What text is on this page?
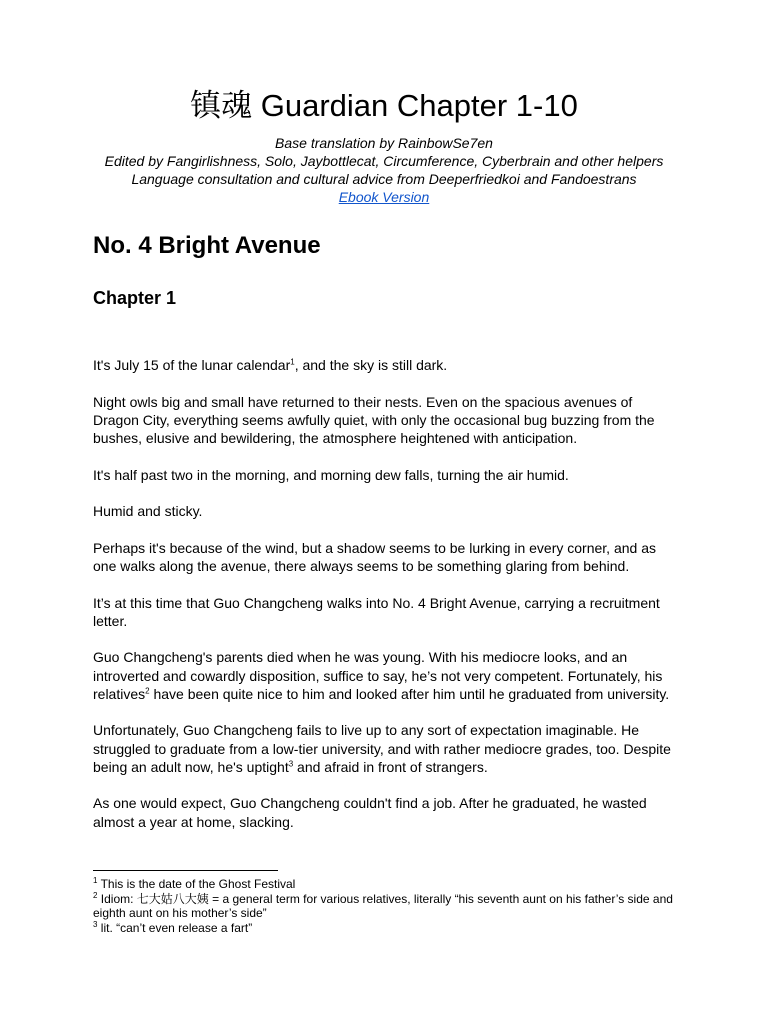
镇魂 Guardian Chapter 1-10
Base translation by RainbowSe7en
Edited by Fangirlishness, Solo, Jaybottlecat, Circumference, Cyberbrain and other helpers
Language consultation and cultural advice from Deeperfriedkoi and Fandoestrans
Ebook Version
No. 4 Bright Avenue
Chapter 1

It's July 15 of the lunar calendar$^1$, and the sky is still dark.

Night owls big and small have returned to their nests. Even on the spacious avenues of Dragon City, everything seems awfully quiet, with only the occasional bug buzzing from the bushes, elusive and bewildering, the atmosphere heightened with anticipation.

It's half past two in the morning, and morning dew falls, turning the air humid.

Humid and sticky.

Perhaps it's because of the wind, but a shadow seems to be lurking in every corner, and as one walks along the avenue, there always seems to be something glaring from behind.

It’s at this time that Guo Changcheng walks into No. 4 Bright Avenue, carrying a recruitment letter.

Guo Changcheng's parents died when he was young. With his mediocre looks, and an introverted and cowardly disposition, suffice to say, he’s not very competent. Fortunately, his relatives$^2$ have been quite nice to him and looked after him until he graduated from university.

Unfortunately, Guo Changcheng fails to live up to any sort of expectation imaginable. He struggled to graduate from a low-tier university, and with rather mediocre grades, too. Despite being an adult now, he's uptight$^3$ and afraid in front of strangers.

As one would expect, Guo Changcheng couldn't find a job. After he graduated, he wasted almost a year at home, slacking.

$^1$ This is the date of the Ghost Festival
$^2$ Idiom: 七大姑八大姨 = a general term for various relatives, literally “his seventh aunt on his father’s side and eighth aunt on his mother’s side”
$^3$ lit. “can’t even release a fart”
